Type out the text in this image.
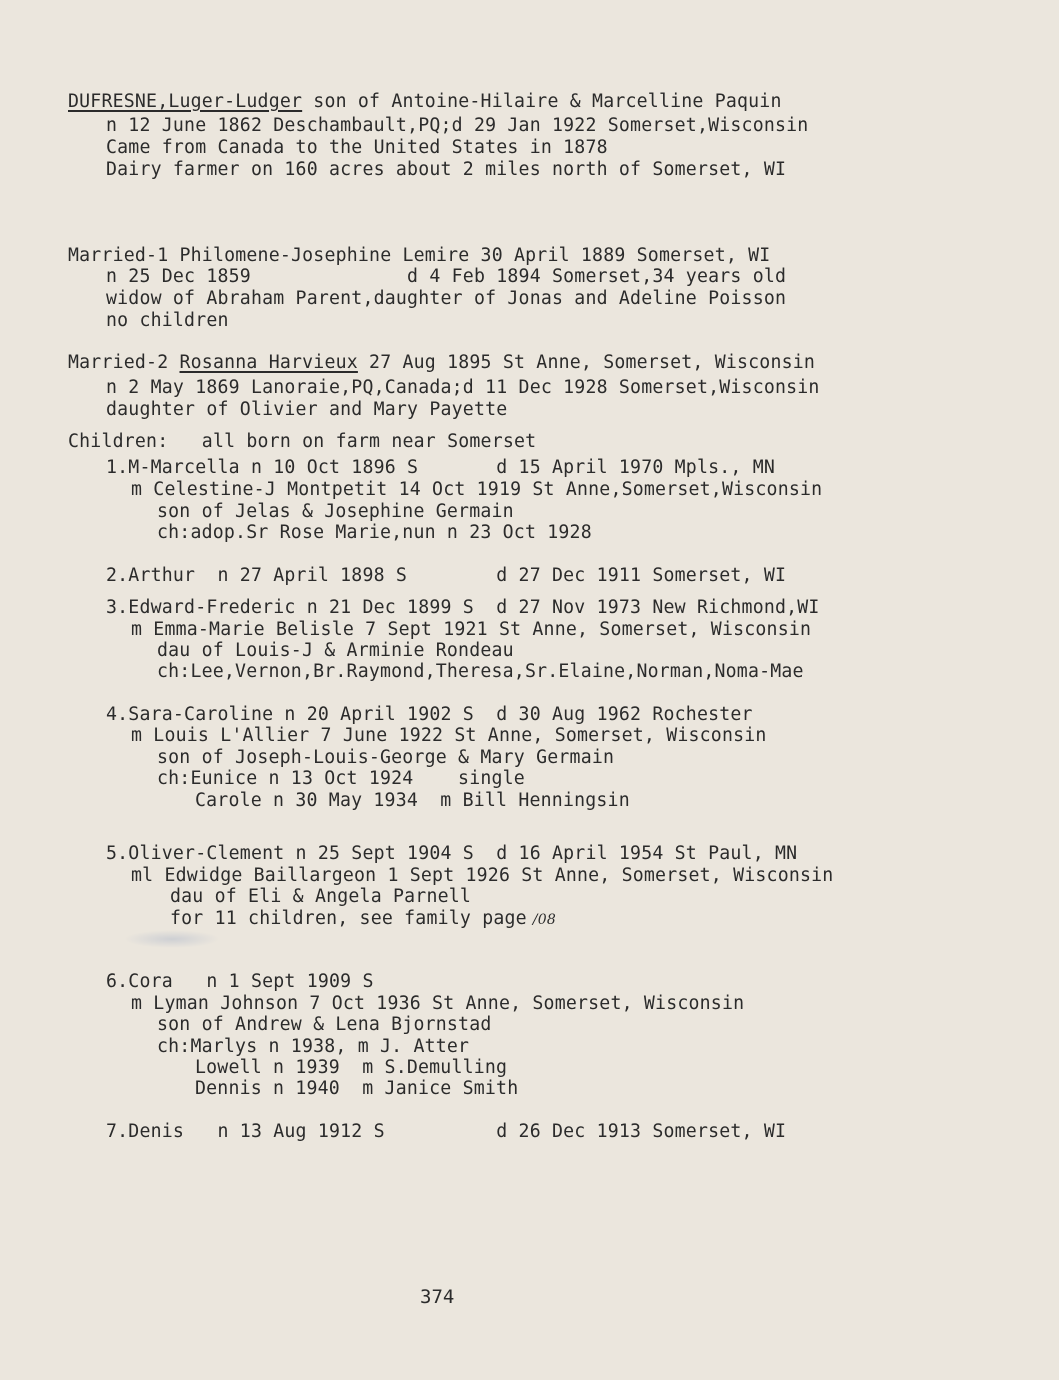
DUFRESNE,Luger-Ludger son of Antoine-Hilaire & Marcelline Paquin
n 12 June 1862 Deschambault,PQ;d 29 Jan 1922 Somerset,Wisconsin
Came from Canada to the United States in 1878
Dairy farmer on 160 acres about 2 miles north of Somerset, WI
Married-1 Philomene-Josephine Lemire 30 April 1889 Somerset, WI
n 25 Dec 1859              d 4 Feb 1894 Somerset,34 years old
widow of Abraham Parent,daughter of Jonas and Adeline Poisson
no children
Married-2 Rosanna Harvieux 27 Aug 1895 St Anne, Somerset, Wisconsin
n 2 May 1869 Lanoraie,PQ,Canada;d 11 Dec 1928 Somerset,Wisconsin
daughter of Olivier and Mary Payette
Children:   all born on farm near Somerset
1.M-Marcella n 10 Oct 1896 S       d 15 April 1970 Mpls., MN
m Celestine-J Montpetit 14 Oct 1919 St Anne,Somerset,Wisconsin
son of Jelas & Josephine Germain
ch:adop.Sr Rose Marie,nun n 23 Oct 1928
2.Arthur  n 27 April 1898 S        d 27 Dec 1911 Somerset, WI
3.Edward-Frederic n 21 Dec 1899 S  d 27 Nov 1973 New Richmond,WI
m Emma-Marie Belisle 7 Sept 1921 St Anne, Somerset, Wisconsin
dau of Louis-J & Arminie Rondeau
ch:Lee,Vernon,Br.Raymond,Theresa,Sr.Elaine,Norman,Noma-Mae
4.Sara-Caroline n 20 April 1902 S  d 30 Aug 1962 Rochester
m Louis L'Allier 7 June 1922 St Anne, Somerset, Wisconsin
son of Joseph-Louis-George & Mary Germain
ch:Eunice n 13 Oct 1924    single
Carole n 30 May 1934  m Bill Henningsin
5.Oliver-Clement n 25 Sept 1904 S  d 16 April 1954 St Paul, MN
ml Edwidge Baillargeon 1 Sept 1926 St Anne, Somerset, Wisconsin
dau of Eli & Angela Parnell
for 11 children, see family page /08
6.Cora   n 1 Sept 1909 S
m Lyman Johnson 7 Oct 1936 St Anne, Somerset, Wisconsin
son of Andrew & Lena Bjornstad
ch:Marlys n 1938, m J. Atter
Lowell n 1939  m S.Demulling
Dennis n 1940  m Janice Smith
7.Denis   n 13 Aug 1912 S          d 26 Dec 1913 Somerset, WI
374
